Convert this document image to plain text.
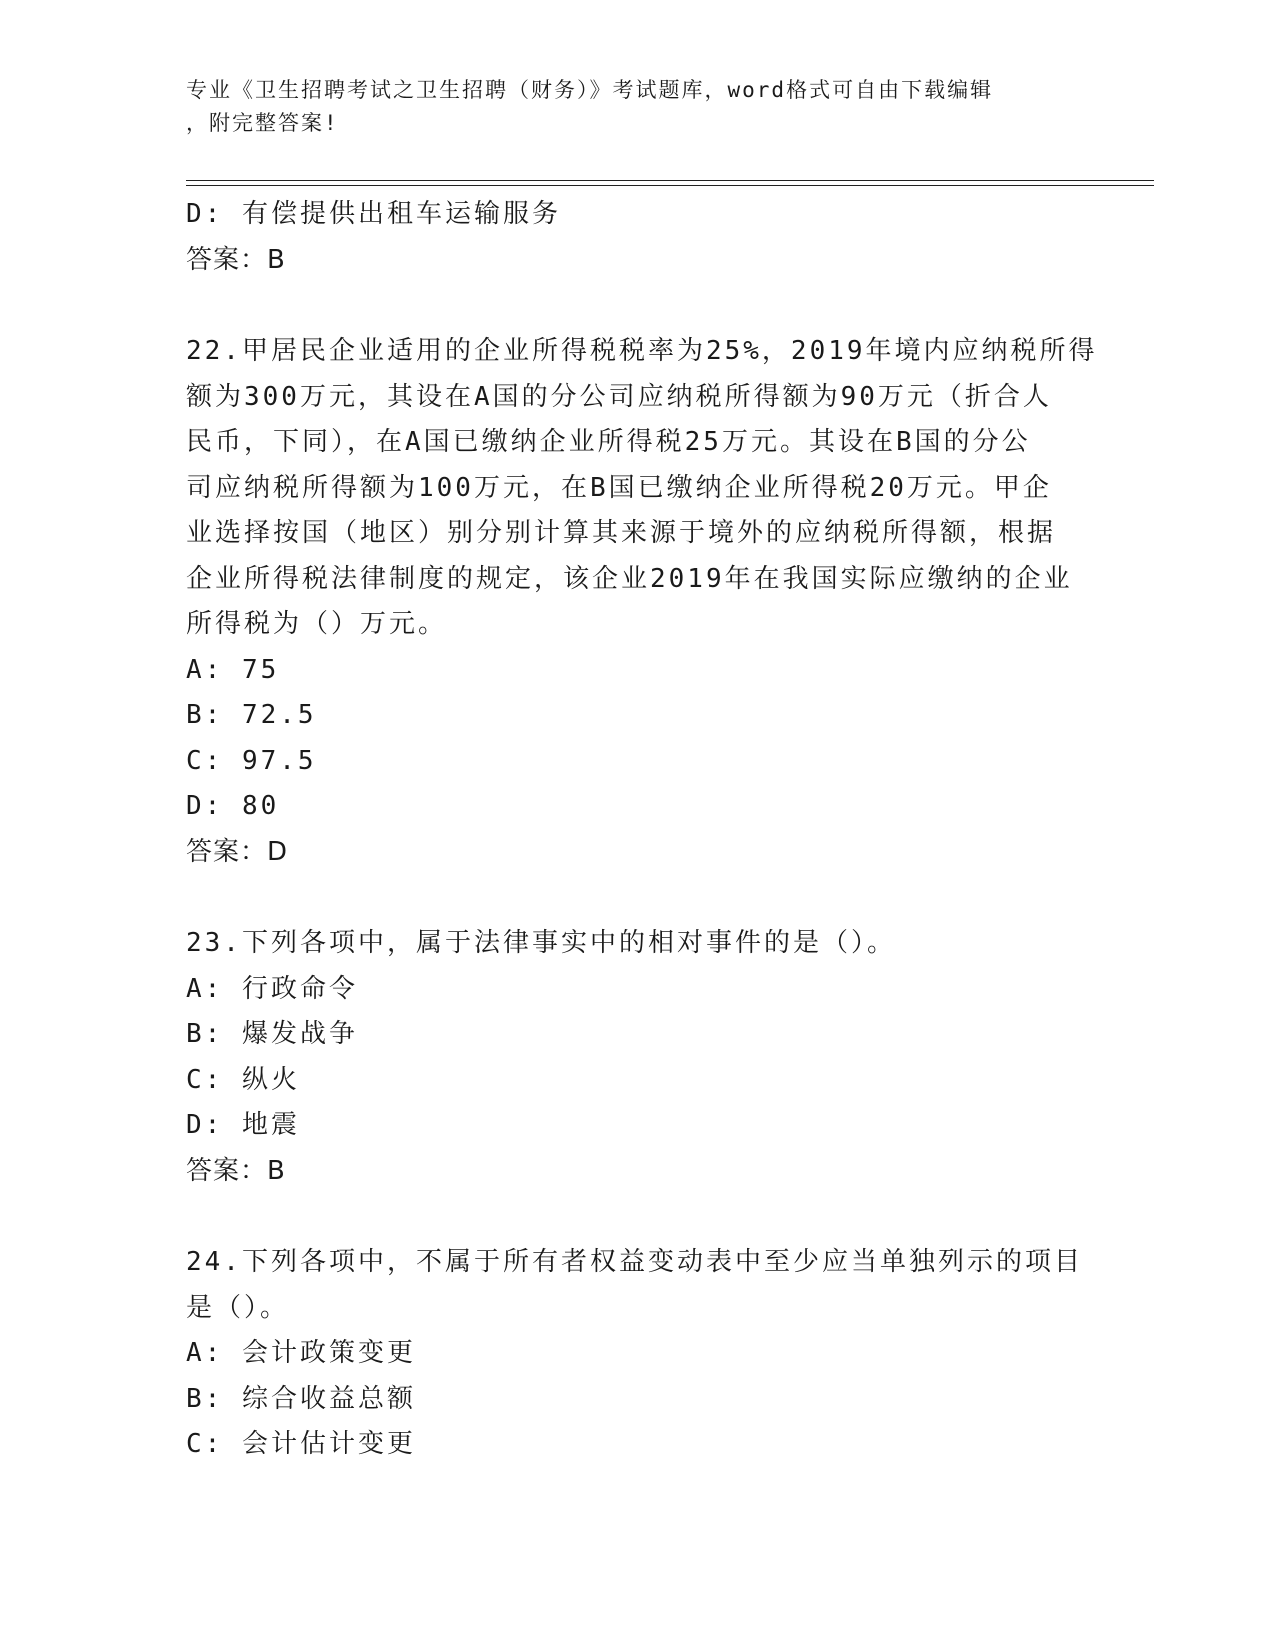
专业《卫生招聘考试之卫生招聘（财务）》考试题库，word格式可自由下载编辑
，附完整答案!
D: 有偿提供出租车运输服务
答案：B
22.甲居民企业适用的企业所得税税率为25%，2019年境内应纳税所得
额为300万元，其设在A国的分公司应纳税所得额为90万元（折合人
民币，下同），在A国已缴纳企业所得税25万元。其设在B国的分公
司应纳税所得额为100万元，在B国已缴纳企业所得税20万元。甲企
业选择按国（地区）别分别计算其来源于境外的应纳税所得额，根据
企业所得税法律制度的规定，该企业2019年在我国实际应缴纳的企业
所得税为（）万元。
A: 75
B: 72.5
C: 97.5
D: 80
答案：D
23.下列各项中，属于法律事实中的相对事件的是（）。
A: 行政命令
B: 爆发战争
C: 纵火
D: 地震
答案：B
24.下列各项中，不属于所有者权益变动表中至少应当单独列示的项目
是（）。
A: 会计政策变更
B: 综合收益总额
C: 会计估计变更
